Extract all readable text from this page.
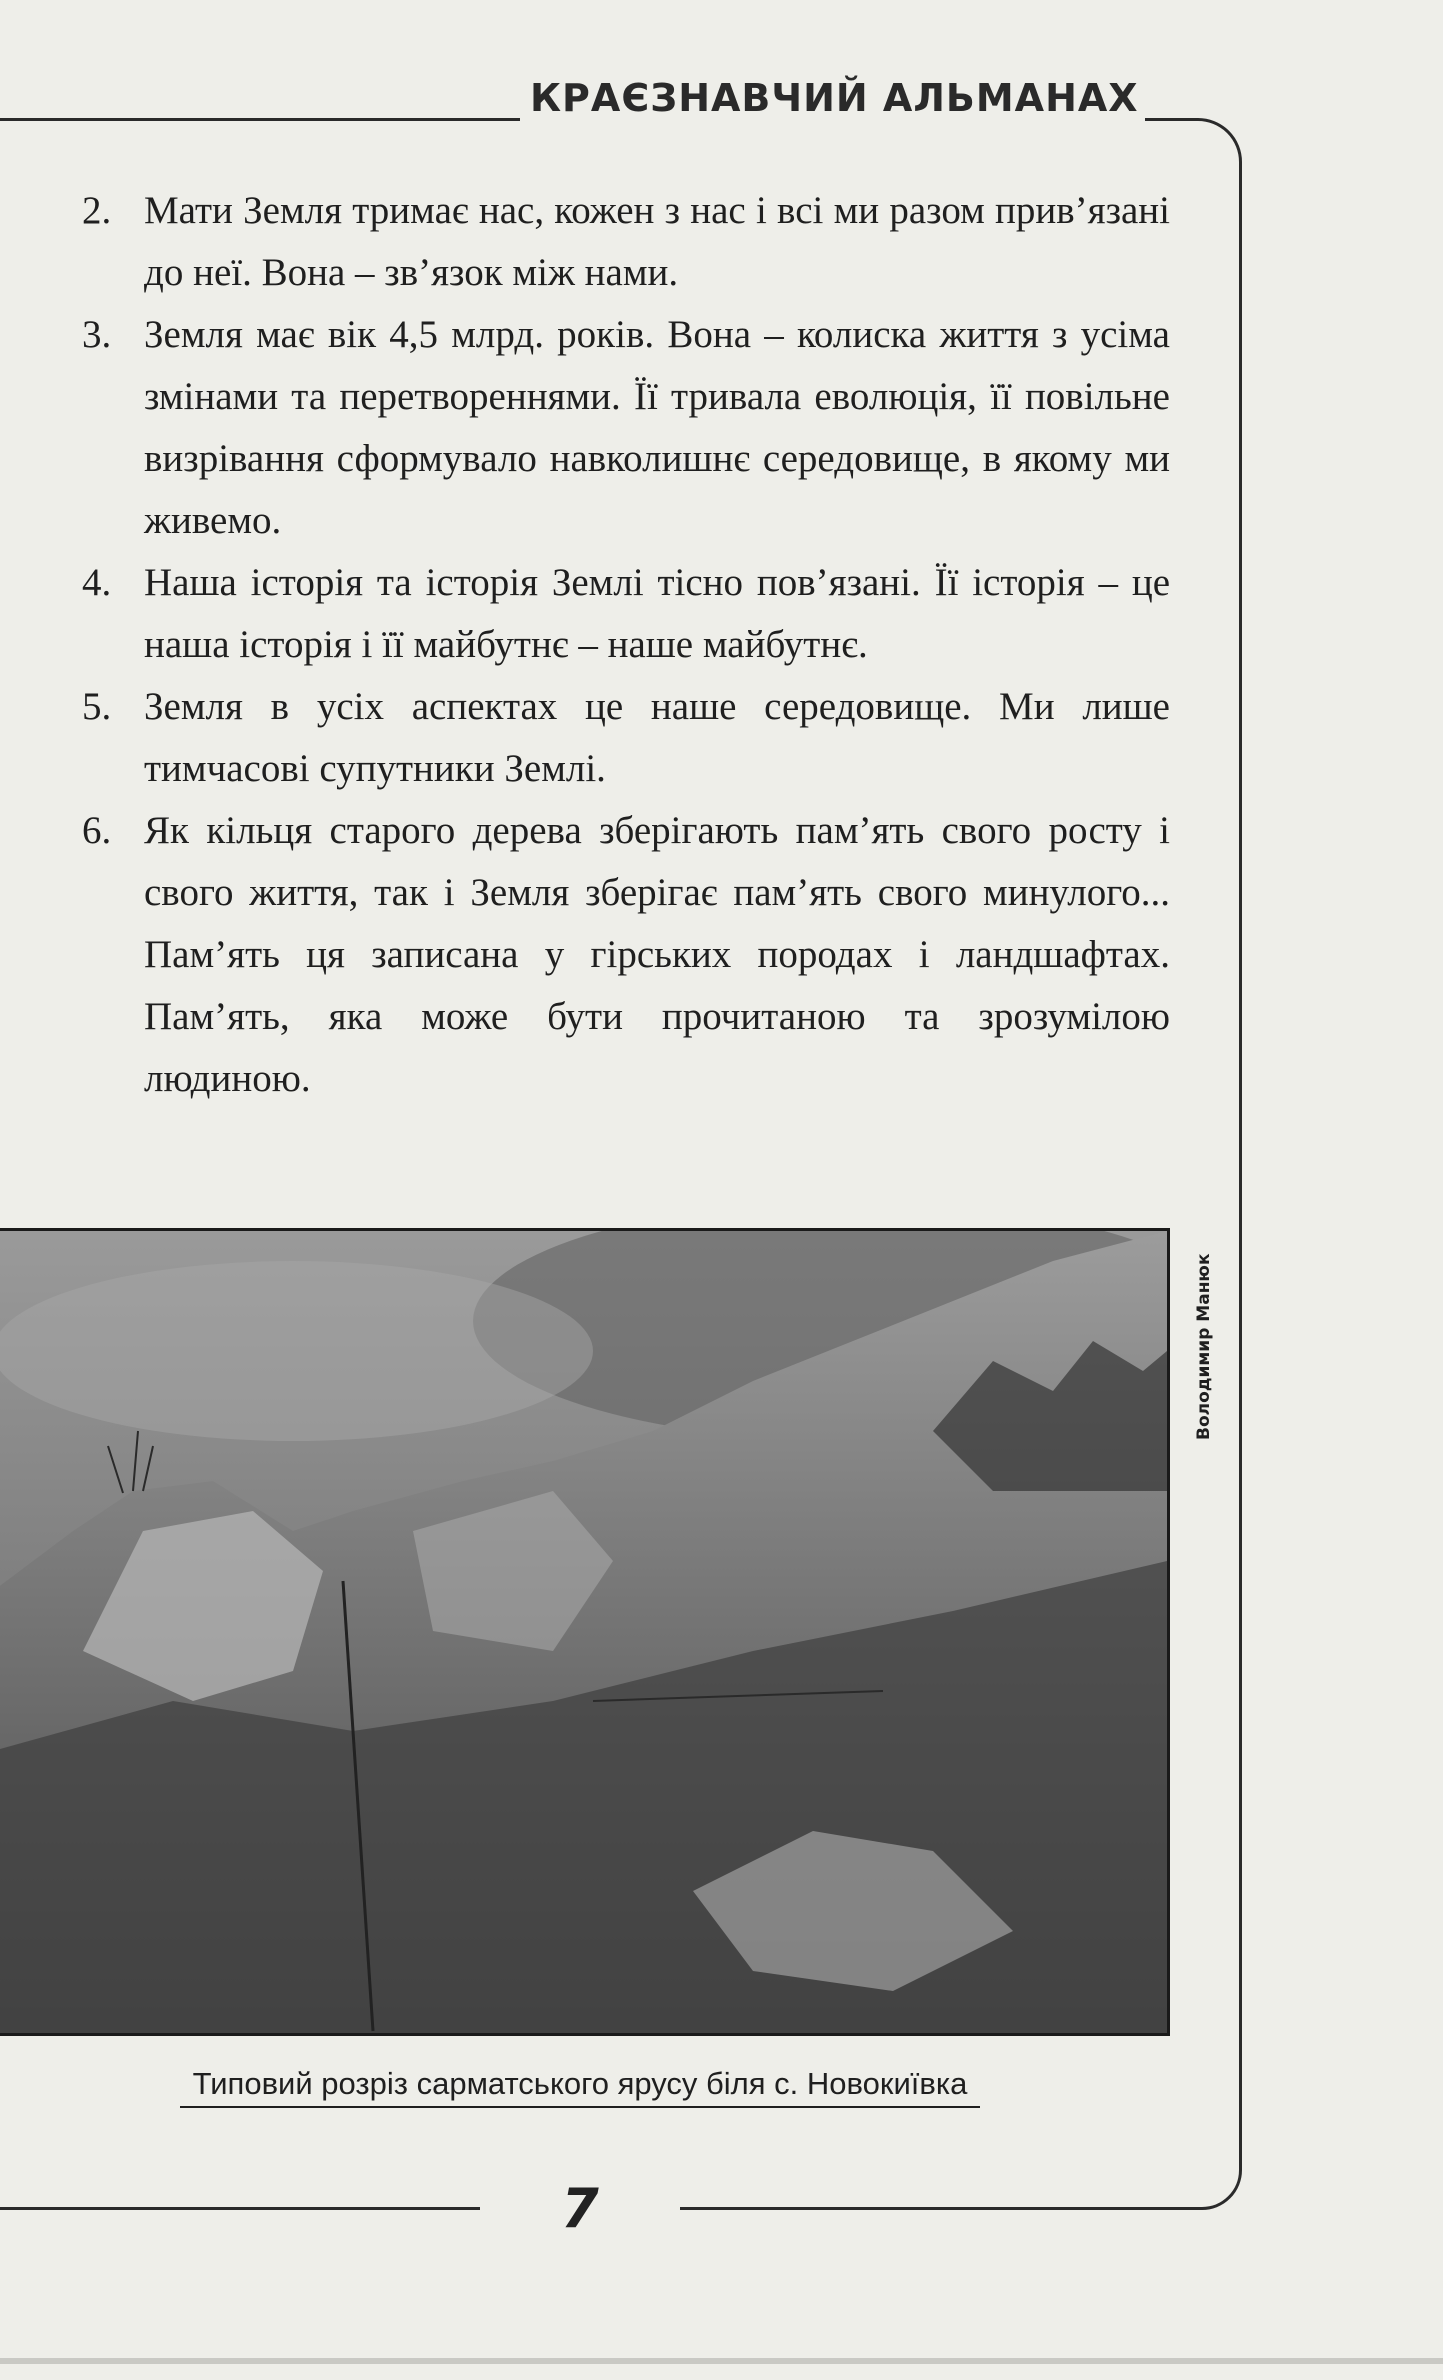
КРАЄЗНАВЧИЙ АЛЬМАНАХ
2. Мати Земля тримає нас, кожен з нас і всі ми разом прив’язані до неї. Вона – зв’язок між нами.
3. Земля має вік 4,5 млрд. років. Вона – колиска життя з усіма змінами та перетвореннями. Її тривала еволюція, її повільне визрівання сформувало навколишнє середовище, в якому ми живемо.
4. Наша історія та історія Землі тісно пов’язані. Її історія – це наша історія і її майбутнє – наше майбутнє.
5. Земля в усіх аспектах це наше середовище. Ми лише тимчасові супутники Землі.
6. Як кільця старого дерева зберігають пам’ять свого росту і свого життя, так і Земля зберігає пам’ять свого минулого... Пам’ять ця записана у гірських породах і ландшафтах. Пам’ять, яка може бути прочитаною та зрозумілою людиною.
Володимир Манюк
Типовий розріз сарматського ярусу біля с. Новокиївка
7
